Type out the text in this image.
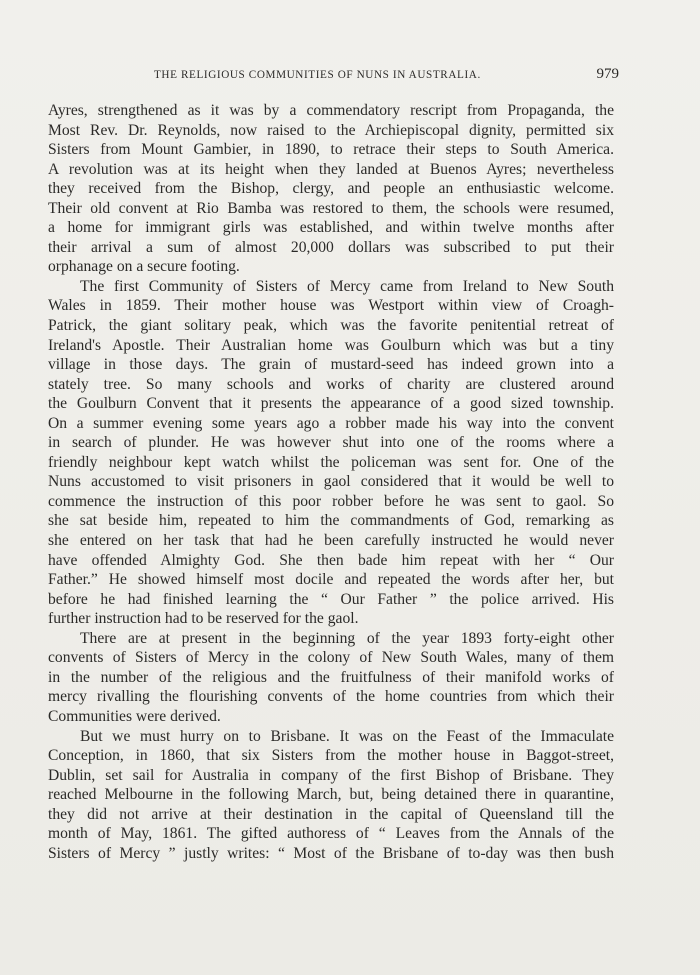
THE RELIGIOUS COMMUNITIES OF NUNS IN AUSTRALIA.	979
Ayres, strengthened as it was by a commendatory rescript from Propaganda, the
Most Rev. Dr. Reynolds, now raised to the Archiepiscopal dignity, permitted six
Sisters from Mount Gambier, in 1890, to retrace their steps to South America.
A revolution was at its height when they landed at Buenos Ayres; nevertheless
they received from the Bishop, clergy, and people an enthusiastic welcome.
Their old convent at Rio Bamba was restored to them, the schools were resumed,
a home for immigrant girls was established, and within twelve months after
their arrival a sum of almost 20,000 dollars was subscribed to put their
orphanage on a secure footing.
The first Community of Sisters of Mercy came from Ireland to New South
Wales in 1859. Their mother house was Westport within view of Croagh-
Patrick, the giant solitary peak, which was the favorite penitential retreat of
Ireland's Apostle. Their Australian home was Goulburn which was but a tiny
village in those days. The grain of mustard-seed has indeed grown into a
stately tree. So many schools and works of charity are clustered around
the Goulburn Convent that it presents the appearance of a good sized township.
On a summer evening some years ago a robber made his way into the convent
in search of plunder. He was however shut into one of the rooms where a
friendly neighbour kept watch whilst the policeman was sent for. One of the
Nuns accustomed to visit prisoners in gaol considered that it would be well to
commence the instruction of this poor robber before he was sent to gaol. So
she sat beside him, repeated to him the commandments of God, remarking as
she entered on her task that had he been carefully instructed he would never
have offended Almighty God. She then bade him repeat with her “ Our
Father.” He showed himself most docile and repeated the words after her, but
before he had finished learning the “ Our Father ” the police arrived. His
further instruction had to be reserved for the gaol.
There are at present in the beginning of the year 1893 forty-eight other
convents of Sisters of Mercy in the colony of New South Wales, many of them
in the number of the religious and the fruitfulness of their manifold works of
mercy rivalling the flourishing convents of the home countries from which their
Communities were derived.
But we must hurry on to Brisbane. It was on the Feast of the Immaculate
Conception, in 1860, that six Sisters from the mother house in Baggot-street,
Dublin, set sail for Australia in company of the first Bishop of Brisbane. They
reached Melbourne in the following March, but, being detained there in quarantine,
they did not arrive at their destination in the capital of Queensland till the
month of May, 1861. The gifted authoress of “ Leaves from the Annals of the
Sisters of Mercy ” justly writes: “ Most of the Brisbane of to-day was then bush
